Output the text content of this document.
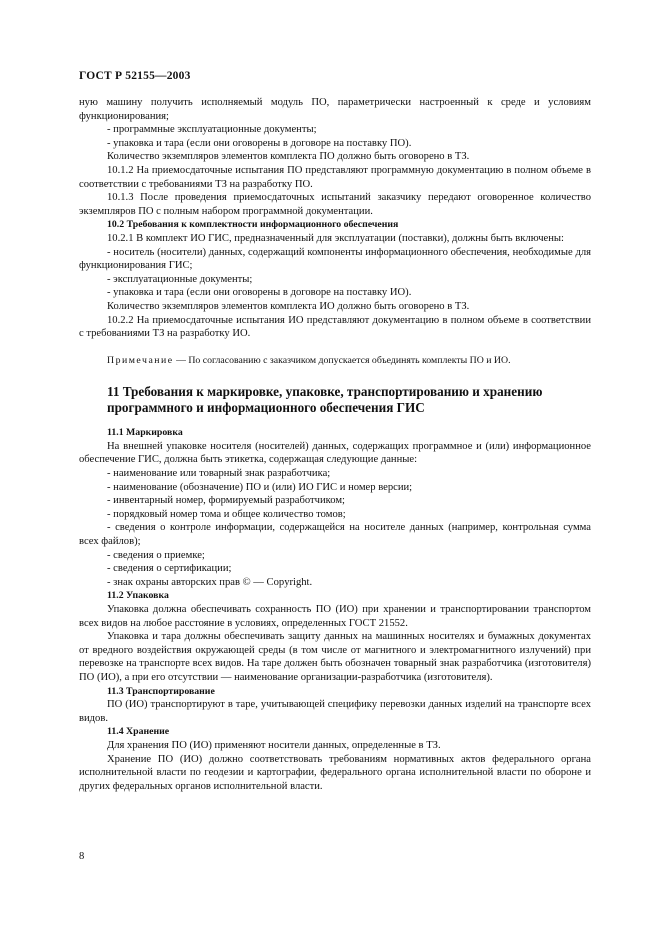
ГОСТ Р 52155—2003

ную машину получить исполняемый модуль ПО, параметрически настроенный к среде и условиям функционирования;

- программные эксплуатационные документы;

- упаковка и тара (если они оговорены в договоре на поставку ПО).

Количество экземпляров элементов комплекта ПО должно быть оговорено в ТЗ.

10.1.2 На приемосдаточные испытания ПО представляют программную документацию в полном объеме в соответствии с требованиями ТЗ на разработку ПО.

10.1.3 После проведения приемосдаточных испытаний заказчику передают оговоренное количество экземпляров ПО с полным набором программной документации.

10.2 Требования к комплектности информационного обеспечения

10.2.1 В комплект ИО ГИС, предназначенный для эксплуатации (поставки), должны быть включены:

- носитель (носители) данных, содержащий компоненты информационного обеспечения, необходимые для функционирования ГИС;

- эксплуатационные документы;

- упаковка и тара (если они оговорены в договоре на поставку ИО).

Количество экземпляров элементов комплекта ИО должно быть оговорено в ТЗ.

10.2.2 На приемосдаточные испытания ИО представляют документацию в полном объеме в соответствии с требованиями ТЗ на разработку ИО.

Примечание — По согласованию с заказчиком допускается объединять комплекты ПО и ИО.

11 Требования к маркировке, упаковке, транспортированию и хранению программного и информационного обеспечения ГИС

11.1 Маркировка

На внешней упаковке носителя (носителей) данных, содержащих программное и (или) информационное обеспечение ГИС, должна быть этикетка, содержащая следующие данные:

- наименование или товарный знак разработчика;

- наименование (обозначение) ПО и (или) ИО ГИС и номер версии;

- инвентарный номер, формируемый разработчиком;

- порядковый номер тома и общее количество томов;

- сведения о контроле информации, содержащейся на носителе данных (например, контрольная сумма всех файлов);

- сведения о приемке;

- сведения о сертификации;

- знак охраны авторских прав © — Copyright.

11.2 Упаковка

Упаковка должна обеспечивать сохранность ПО (ИО) при хранении и транспортировании транспортом всех видов на любое расстояние в условиях, определенных ГОСТ 21552.

Упаковка и тара должны обеспечивать защиту данных на машинных носителях и бумажных документах от вредного воздействия окружающей среды (в том числе от магнитного и электромагнитного излучений) при перевозке на транспорте всех видов. На таре должен быть обозначен товарный знак разработчика (изготовителя) ПО (ИО), а при его отсутствии — наименование организации-разработчика (изготовителя).

11.3 Транспортирование

ПО (ИО) транспортируют в таре, учитывающей специфику перевозки данных изделий на транспорте всех видов.

11.4 Хранение

Для хранения ПО (ИО) применяют носители данных, определенные в ТЗ.

Хранение ПО (ИО) должно соответствовать требованиям нормативных актов федерального органа исполнительной власти по геодезии и картографии, федерального органа исполнительной власти по обороне и других федеральных органов исполнительной власти.

8
